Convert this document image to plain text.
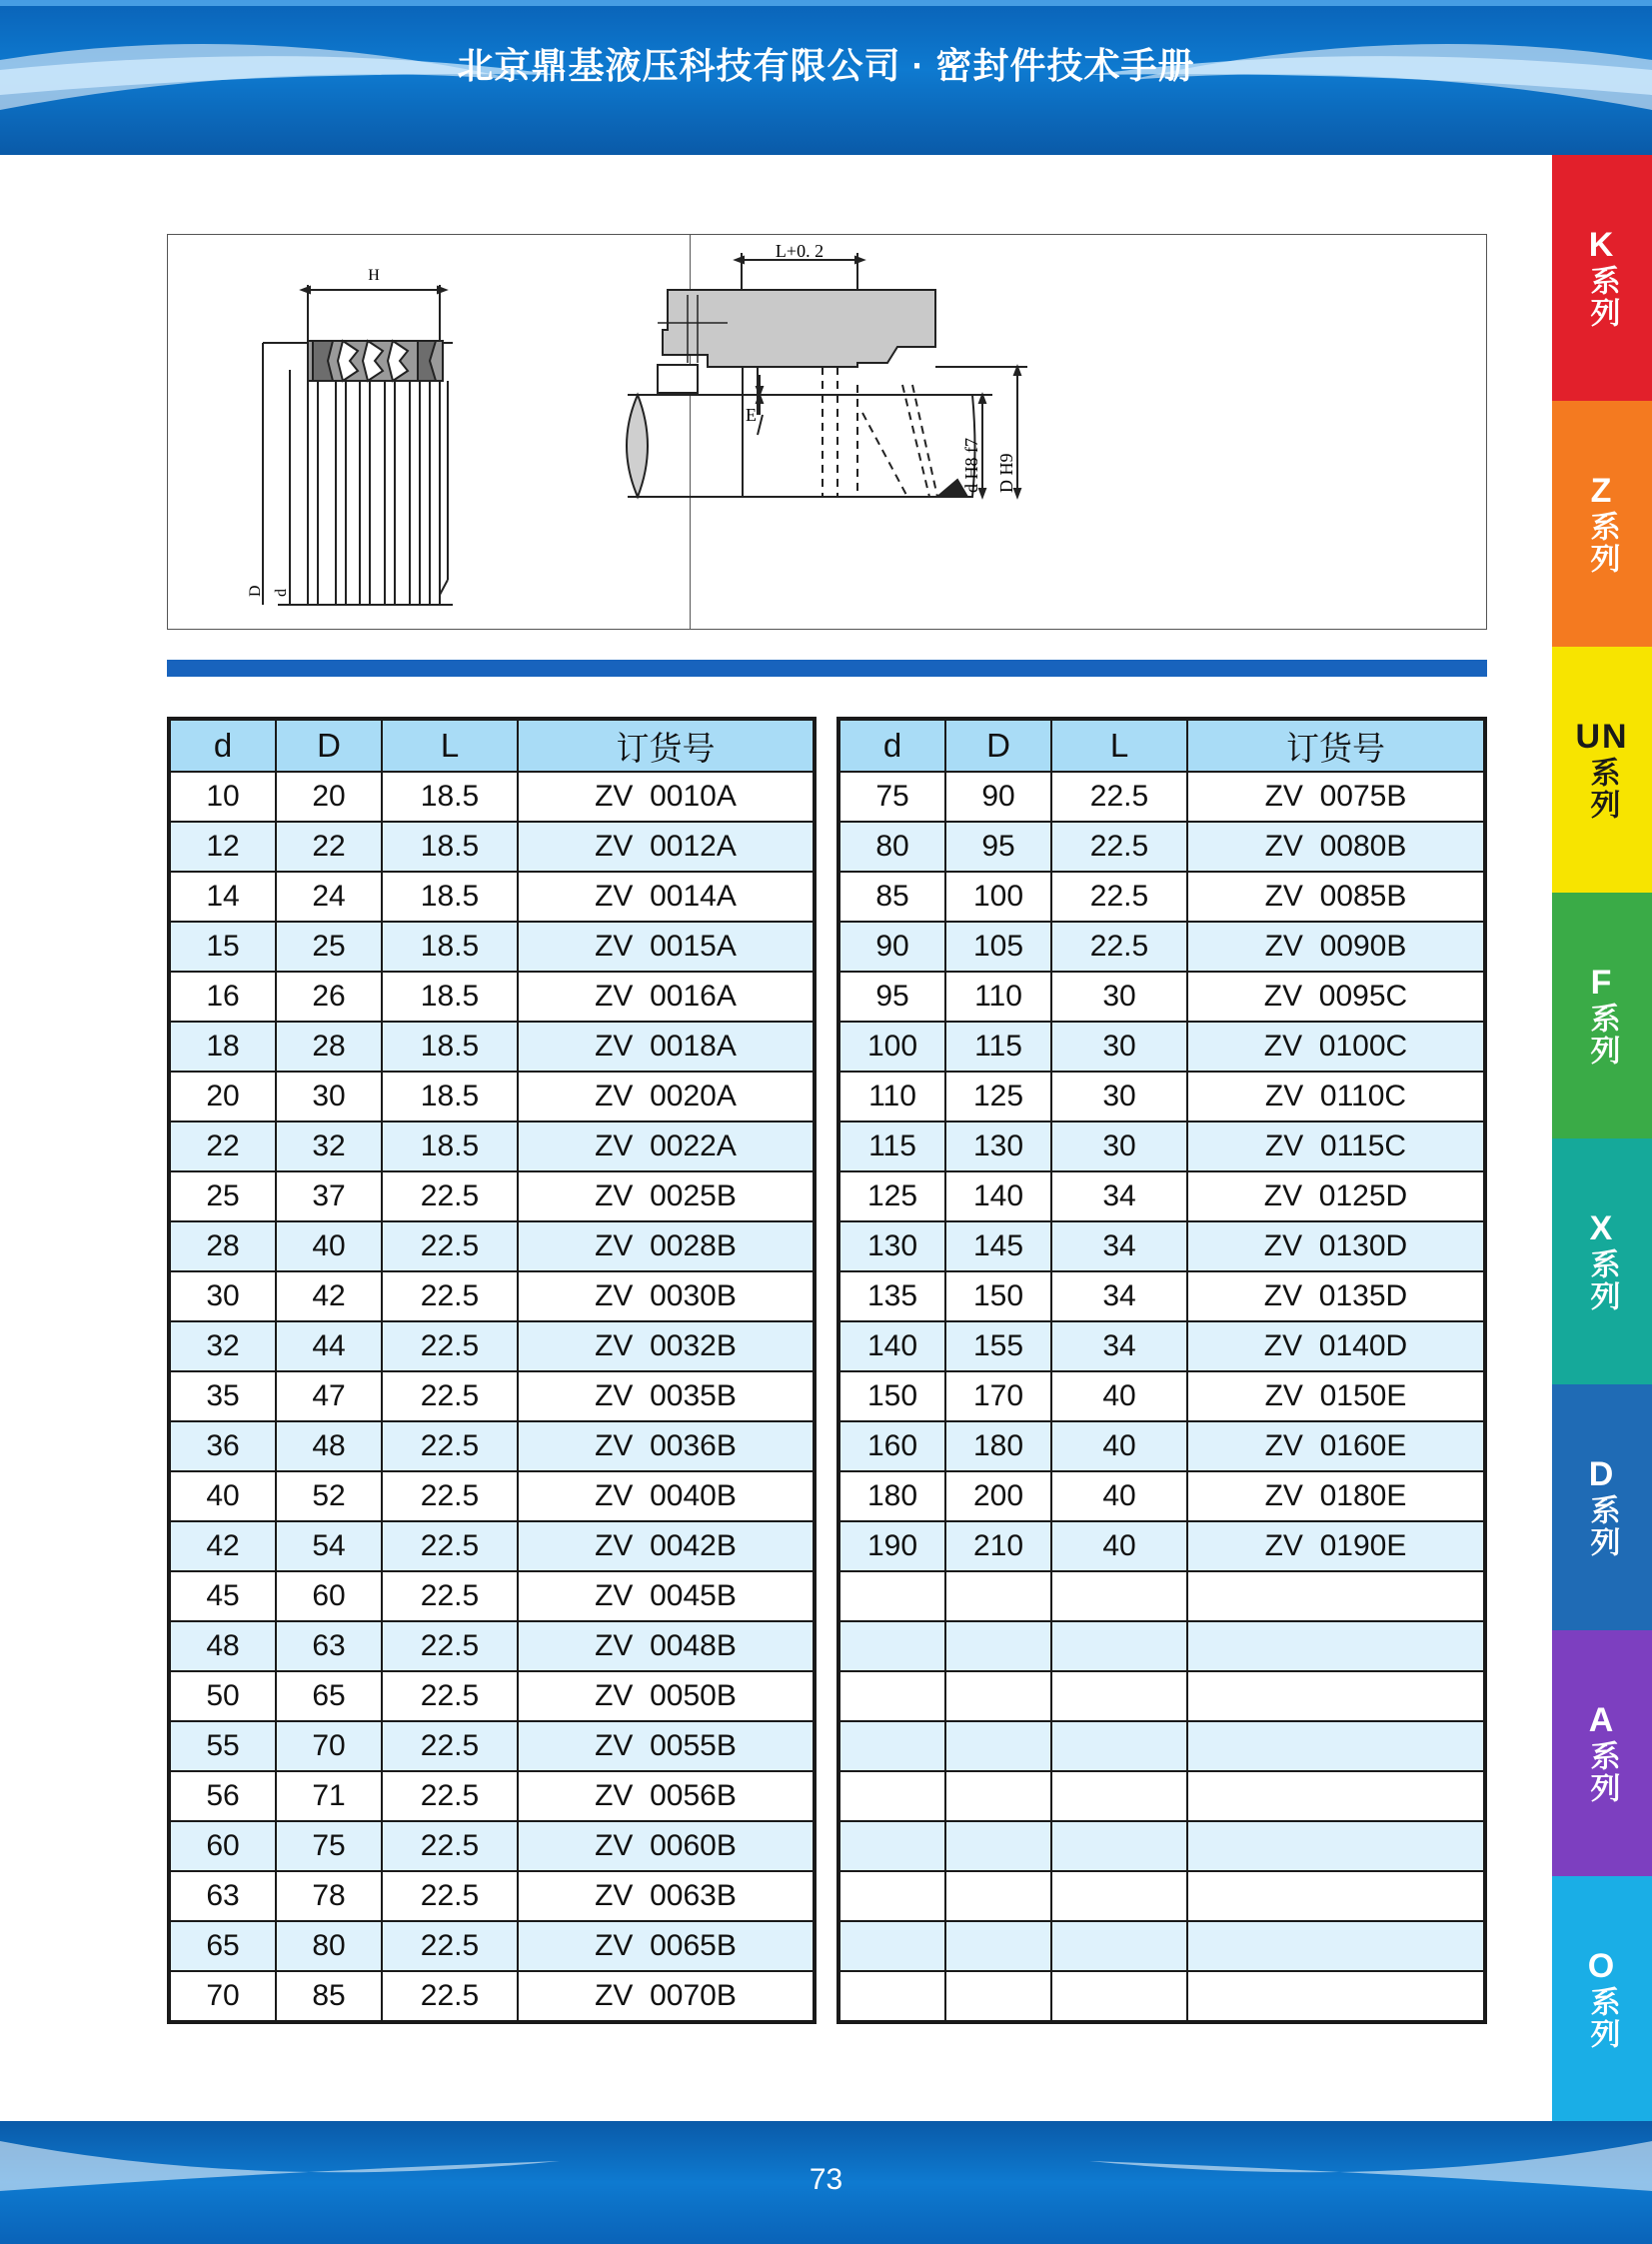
北京鼎基液压科技有限公司 · 密封件技术手册
K
系列
Z
系列
UN
系列
F
系列
X
系列
D
系列
A
系列
O
系列
H
D d
L+0. 2
E
d H8 f7 D H9
d	D	L	订货号
10	20	18.5	ZV  0010A
12	22	18.5	ZV  0012A
14	24	18.5	ZV  0014A
15	25	18.5	ZV  0015A
16	26	18.5	ZV  0016A
18	28	18.5	ZV  0018A
20	30	18.5	ZV  0020A
22	32	18.5	ZV  0022A
25	37	22.5	ZV  0025B
28	40	22.5	ZV  0028B
30	42	22.5	ZV  0030B
32	44	22.5	ZV  0032B
35	47	22.5	ZV  0035B
36	48	22.5	ZV  0036B
40	52	22.5	ZV  0040B
42	54	22.5	ZV  0042B
45	60	22.5	ZV  0045B
48	63	22.5	ZV  0048B
50	65	22.5	ZV  0050B
55	70	22.5	ZV  0055B
56	71	22.5	ZV  0056B
60	75	22.5	ZV  0060B
63	78	22.5	ZV  0063B
65	80	22.5	ZV  0065B
70	85	22.5	ZV  0070B
d	D	L	订货号
75	90	22.5	ZV  0075B
80	95	22.5	ZV  0080B
85	100	22.5	ZV  0085B
90	105	22.5	ZV  0090B
95	110	30	ZV  0095C
100	115	30	ZV  0100C
110	125	30	ZV  0110C
115	130	30	ZV  0115C
125	140	34	ZV  0125D
130	145	34	ZV  0130D
135	150	34	ZV  0135D
140	155	34	ZV  0140D
150	170	40	ZV  0150E
160	180	40	ZV  0160E
180	200	40	ZV  0180E
190	210	40	ZV  0190E

73
